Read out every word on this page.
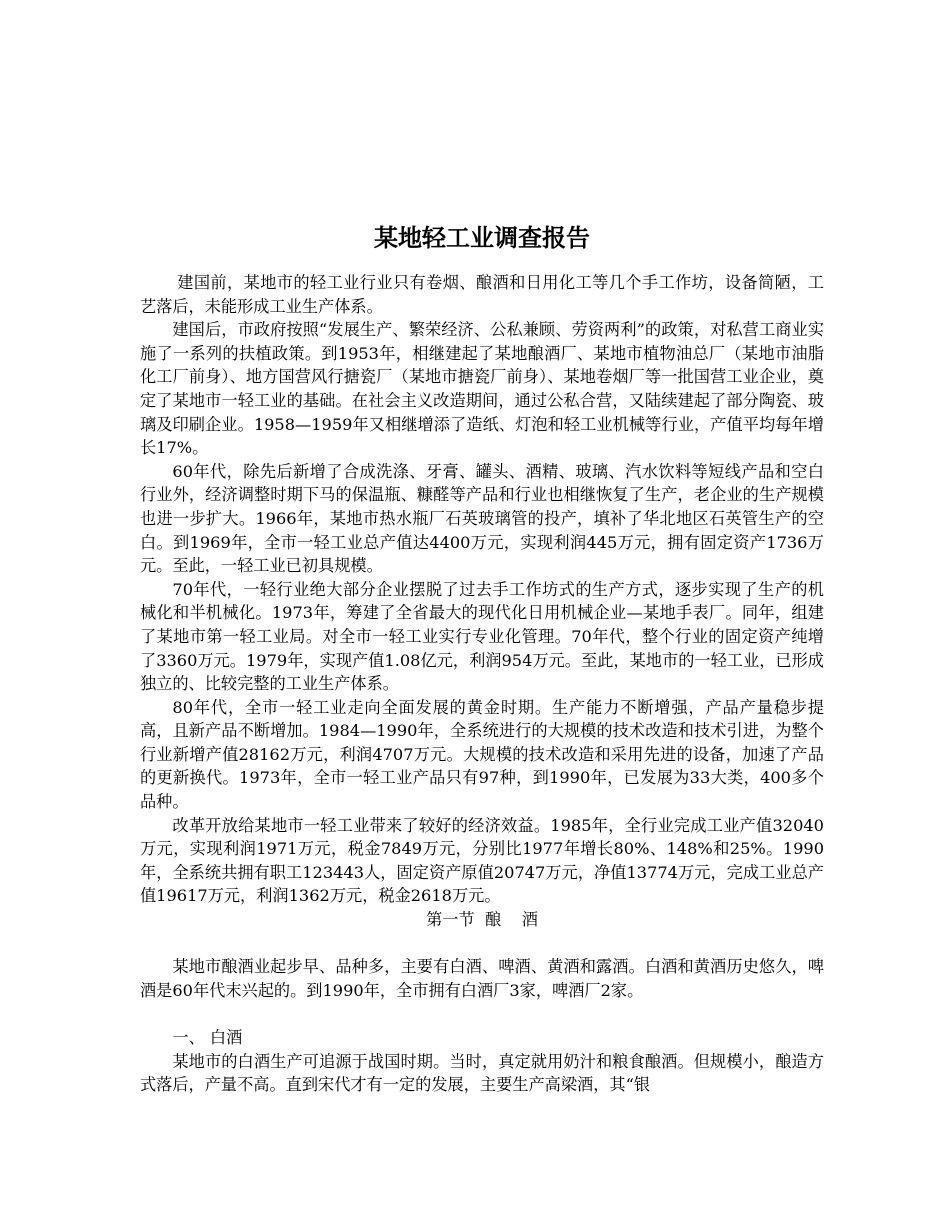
某地轻工业调查报告

建国前，某地市的轻工业行业只有卷烟、酿酒和日用化工等几个手工作坊，设备简陋，工艺落后，未能形成工业生产体系。

建国后，市政府按照“发展生产、繁荣经济、公私兼顾、劳资两利”的政策，对私营工商业实施了一系列的扶植政策。到1953年，相继建起了某地酿酒厂、某地市植物油总厂（某地市油脂化工厂前身）、地方国营风行搪瓷厂（某地市搪瓷厂前身）、某地卷烟厂等一批国营工业企业，奠定了某地市一轻工业的基础。在社会主义改造期间，通过公私合营，又陆续建起了部分陶瓷、玻璃及印刷企业。1958—1959年又相继增添了造纸、灯泡和轻工业机械等行业，产值平均每年增长17%。

60年代，除先后新增了合成洗涤、牙膏、罐头、酒精、玻璃、汽水饮料等短线产品和空白行业外，经济调整时期下马的保温瓶、糠醛等产品和行业也相继恢复了生产，老企业的生产规模也进一步扩大。1966年，某地市热水瓶厂石英玻璃管的投产，填补了华北地区石英管生产的空白。到1969年，全市一轻工业总产值达4400万元，实现利润445万元，拥有固定资产1736万元。至此，一轻工业已初具规模。

70年代，一轻行业绝大部分企业摆脱了过去手工作坊式的生产方式，逐步实现了生产的机械化和半机械化。1973年，筹建了全省最大的现代化日用机械企业—某地手表厂。同年，组建了某地市第一轻工业局。对全市一轻工业实行专业化管理。70年代，整个行业的固定资产纯增了3360万元。1979年，实现产值1.08亿元，利润954万元。至此，某地市的一轻工业，已形成独立的、比较完整的工业生产体系。

80年代，全市一轻工业走向全面发展的黄金时期。生产能力不断增强，产品产量稳步提高，且新产品不断增加。1984—1990年，全系统进行的大规模的技术改造和技术引进，为整个行业新增产值28162万元，利润4707万元。大规模的技术改造和采用先进的设备，加速了产品的更新换代。1973年，全市一轻工业产品只有97种，到1990年，已发展为33大类，400多个品种。

改革开放给某地市一轻工业带来了较好的经济效益。1985年，全行业完成工业产值32040万元，实现利润1971万元，税金7849万元，分别比1977年增长80%、148%和25%。1990年，全系统共拥有职工123443人，固定资产原值20747万元，净值13774万元，完成工业总产值19617万元，利润1362万元，税金2618万元。

第一节  酿    酒

某地市酿酒业起步早、品种多，主要有白酒、啤酒、黄酒和露酒。白酒和黄酒历史悠久，啤酒是60年代末兴起的。到1990年，全市拥有白酒厂3家，啤酒厂2家。

一、 白酒

某地市的白酒生产可追源于战国时期。当时，真定就用奶汁和粮食酿酒。但规模小，酿造方式落后，产量不高。直到宋代才有一定的发展，主要生产高梁酒，其“银
